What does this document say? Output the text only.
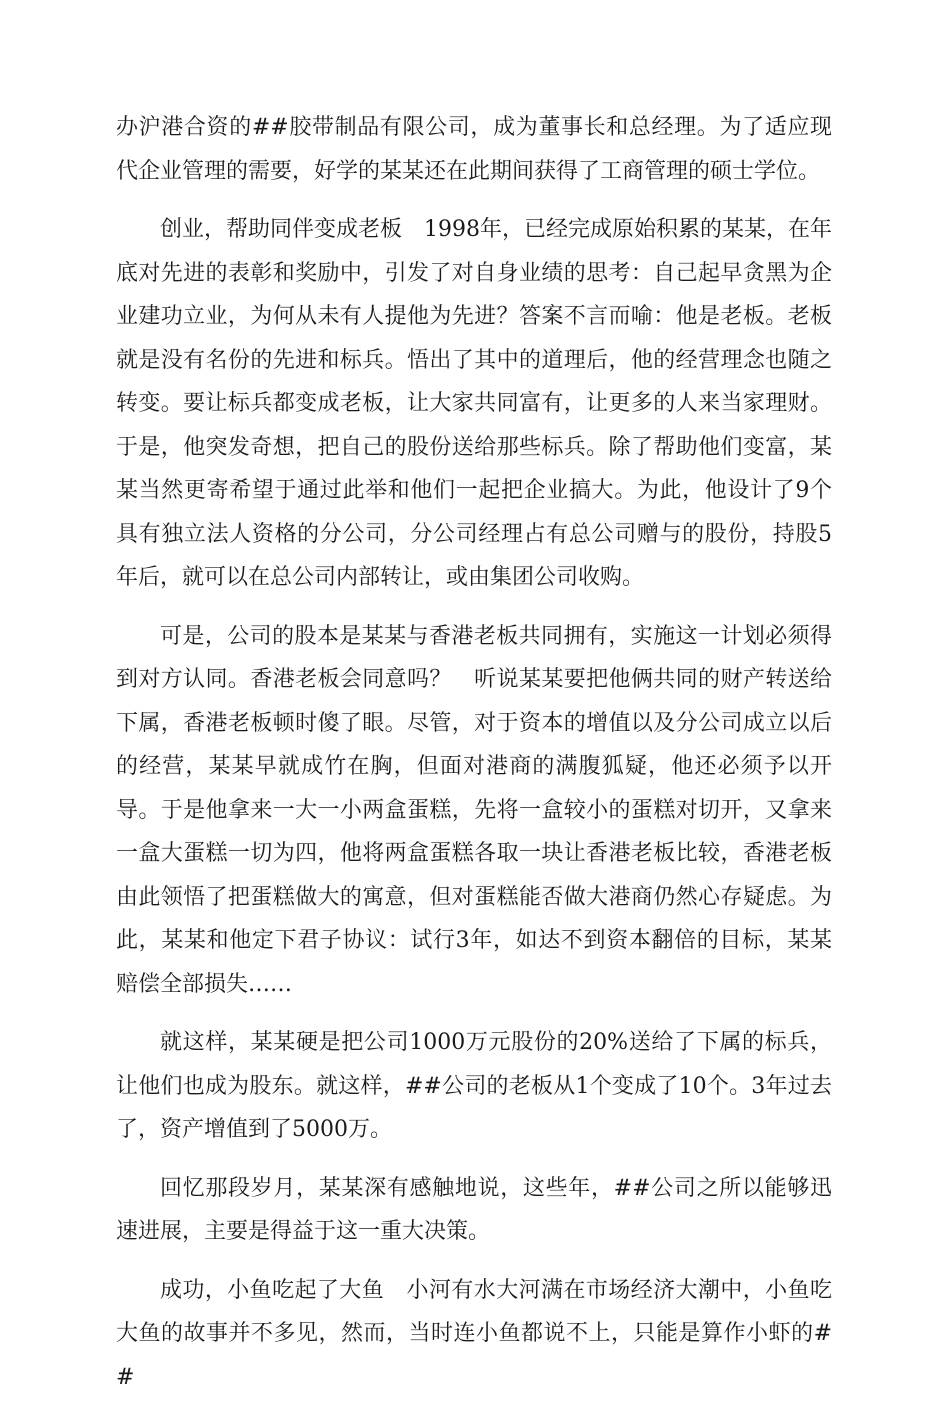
办沪港合资的##胶带制品有限公司，成为董事长和总经理。为了适应现代企业管理的需要，好学的某某还在此期间获得了工商管理的硕士学位。

创业，帮助同伴变成老板　1998年，已经完成原始积累的某某，在年底对先进的表彰和奖励中，引发了对自身业绩的思考：自己起早贪黑为企业建功立业，为何从未有人提他为先进？答案不言而喻：他是老板。老板就是没有名份的先进和标兵。悟出了其中的道理后，他的经营理念也随之转变。要让标兵都变成老板，让大家共同富有，让更多的人来当家理财。于是，他突发奇想，把自己的股份送给那些标兵。除了帮助他们变富，某某当然更寄希望于通过此举和他们一起把企业搞大。为此，他设计了9个具有独立法人资格的分公司，分公司经理占有总公司赠与的股份，持股5年后，就可以在总公司内部转让，或由集团公司收购。

可是，公司的股本是某某与香港老板共同拥有，实施这一计划必须得到对方认同。香港老板会同意吗？　听说某某要把他俩共同的财产转送给下属，香港老板顿时傻了眼。尽管，对于资本的增值以及分公司成立以后的经营，某某早就成竹在胸，但面对港商的满腹狐疑，他还必须予以开导。于是他拿来一大一小两盒蛋糕，先将一盒较小的蛋糕对切开，又拿来一盒大蛋糕一切为四，他将两盒蛋糕各取一块让香港老板比较，香港老板由此领悟了把蛋糕做大的寓意，但对蛋糕能否做大港商仍然心存疑虑。为此，某某和他定下君子协议：试行3年，如达不到资本翻倍的目标，某某赔偿全部损失……

就这样，某某硬是把公司1000万元股份的20%送给了下属的标兵，让他们也成为股东。就这样，##公司的老板从1个变成了10个。3年过去了，资产增值到了5000万。

回忆那段岁月，某某深有感触地说，这些年，##公司之所以能够迅速进展，主要是得益于这一重大决策。

成功，小鱼吃起了大鱼　小河有水大河满在市场经济大潮中，小鱼吃大鱼的故事并不多见，然而，当时连小鱼都说不上，只能是算作小虾的##
